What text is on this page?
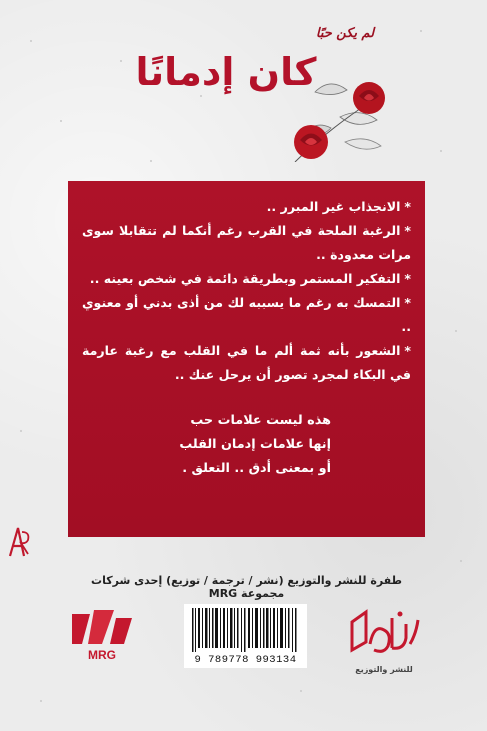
لم يكن حبًا
كان إدمانًا

*الانجذاب غير المبرر ..

*الرغبة الملحة في القرب رغم أنكما لم تتقابلا سوى مرات معدودة ..

*التفكير المستمر وبطريقة دائمة في شخص بعينه ..

*التمسك به رغم ما يسببه لك من أذى بدني أو معنوي ..

*الشعور بأنه ثمة ألم ما في القلب مع رغبة عارمة في البكاء لمجرد تصور أن يرحل عنك ..

هذه ليست علامات حب

إنها علامات إدمان القلب

أو بمعنى أدق .. التعلق .

طفرة للنشر والتوزيع (نشر / ترجمة / توزيع) إحدى شركات مجموعة MRG
MRG	9 789778 993134
للنشر والتوزيع
